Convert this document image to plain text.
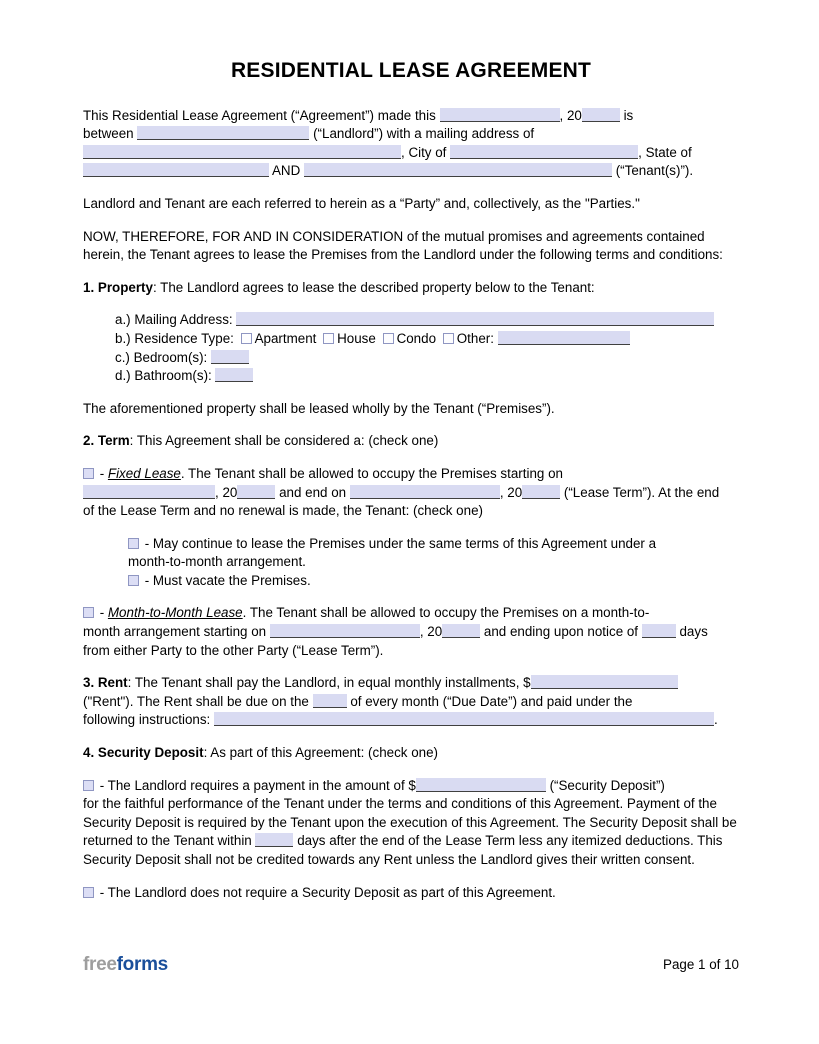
RESIDENTIAL LEASE AGREEMENT

This Residential Lease Agreement (“Agreement”) made this	, 20	is
between	(“Landlord”) with a mailing address of
, City of	, State of
AND	(“Tenant(s)”).

Landlord and Tenant are each referred to herein as a “Party” and, collectively, as the "Parties."

NOW, THEREFORE, FOR AND IN CONSIDERATION of the mutual promises and agreements contained herein, the Tenant agrees to lease the Premises from the Landlord under the following terms and conditions:

1. Property: The Landlord agrees to lease the described property below to the Tenant:

a.) Mailing Address:
b.) Residence Type: Apartment House Condo Other:
c.) Bedroom(s):
d.) Bathroom(s):

The aforementioned property shall be leased wholly by the Tenant (“Premises”).

2. Term: This Agreement shall be considered a: (check one)

- Fixed Lease. The Tenant shall be allowed to occupy the Premises starting on
, 20	and end on	, 20	(“Lease Term”). At the end
of the Lease Term and no renewal is made, the Tenant: (check one)

- May continue to lease the Premises under the same terms of this Agreement under a
month-to-month arrangement.
- Must vacate the Premises.

- Month-to-Month Lease. The Tenant shall be allowed to occupy the Premises on a month-to-
month arrangement starting on	, 20	and ending upon notice of	days
from either Party to the other Party (“Lease Term”).

3. Rent: The Tenant shall pay the Landlord, in equal monthly installments, $
("Rent"). The Rent shall be due on the	of every month (“Due Date”) and paid under the
following instructions:	.

4. Security Deposit: As part of this Agreement: (check one)

- The Landlord requires a payment in the amount of $	(“Security Deposit”)
for the faithful performance of the Tenant under the terms and conditions of this Agreement. Payment of the Security Deposit is required by the Tenant upon the execution of this Agreement. The Security Deposit shall be returned to the Tenant within	days after the end of the Lease Term less any itemized deductions. This Security Deposit shall not be credited towards any Rent unless the Landlord gives their written consent.

- The Landlord does not require a Security Deposit as part of this Agreement.

freeforms	Page 1 of 10
